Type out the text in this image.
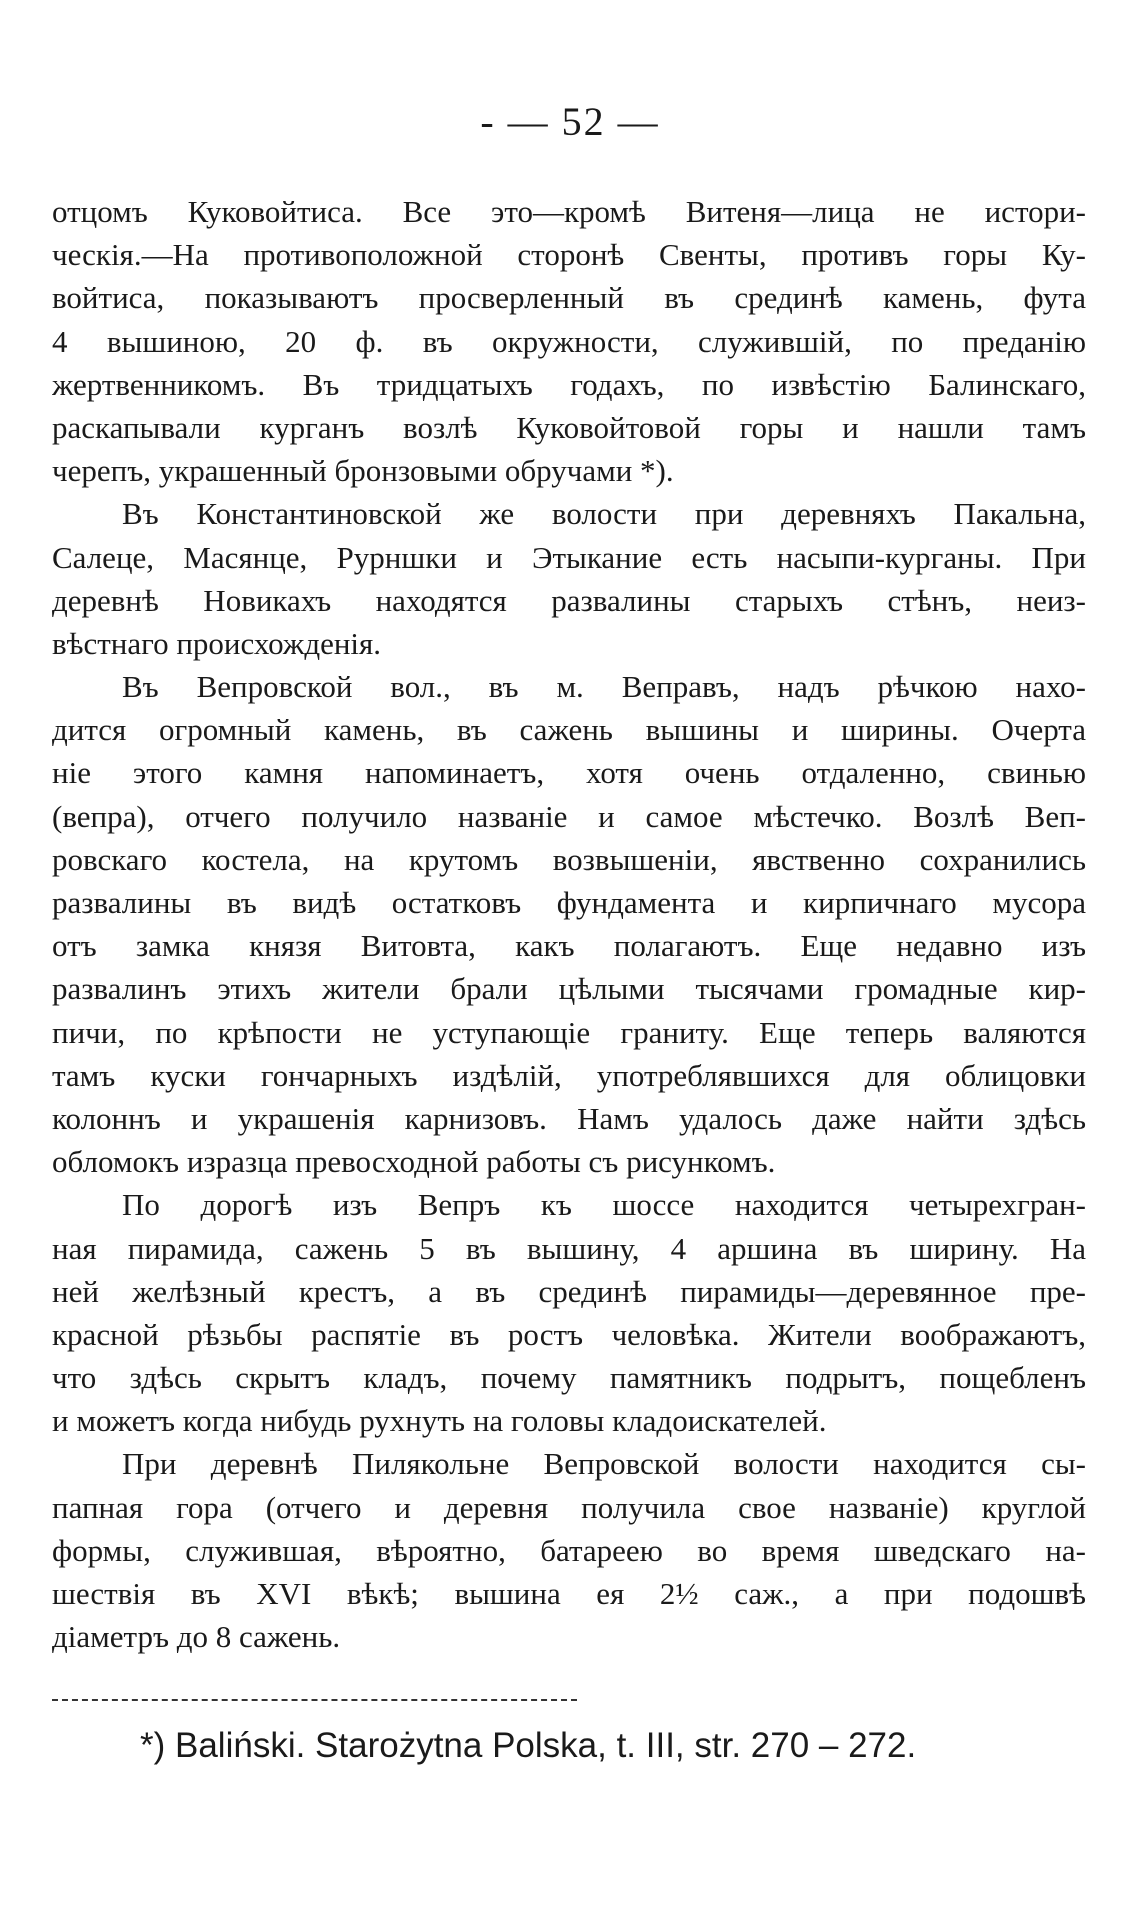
- — 52 —
отцомъ Куковойтиса. Все это—кромѣ Витеня—лица не истори-
ческія.—На противоположной сторонѣ Свенты, противъ горы Ку-
войтиса, показываютъ просверленный въ срединѣ камень, фута
4 вышиною, 20 ф. въ окружности, служившій, по преданію
жертвенникомъ. Въ тридцатыхъ годахъ, по извѣстію Балинскаго,
раскапывали курганъ возлѣ Куковойтовой горы и нашли тамъ
черепъ, украшенный бронзовыми обручами *).
Въ Константиновской же волости при деревняхъ Пакальна,
Салеце, Масянце, Рурншки и Этыкание есть насыпи-курганы. При
деревнѣ Новикахъ находятся развалины старыхъ стѣнъ, неиз-
вѣстнаго происхожденія.
Въ Вепровской вол., въ м. Веправъ, надъ рѣчкою нахо-
дится огромный камень, въ сажень вышины и ширины. Очерта
ніе этого камня напоминаетъ, хотя очень отдаленно, свинью
(вепра), отчего получило названіе и самое мѣстечко. Возлѣ Веп-
ровскаго костела, на крутомъ возвышеніи, явственно сохранились
развалины въ видѣ остатковъ фундамента и кирпичнаго мусора
отъ замка князя Витовта, какъ полагаютъ. Еще недавно изъ
развалинъ этихъ жители брали цѣлыми тысячами громадные кир-
пичи, по крѣпости не уступающіе граниту. Еще теперь валяются
тамъ куски гончарныхъ издѣлій, употреблявшихся для облицовки
колоннъ и украшенія карнизовъ. Намъ удалось даже найти здѣсь
обломокъ изразца превосходной работы съ рисункомъ.
По дорогѣ изъ Вепръ къ шоссе находится четырехгран-
ная пирамида, сажень 5 въ вышину, 4 аршина въ ширину. На
ней желѣзный крестъ, а въ срединѣ пирамиды—деревянное пре-
красной рѣзьбы распятіе въ ростъ человѣка. Жители воображаютъ,
что здѣсь скрытъ кладъ, почему памятникъ подрытъ, пощебленъ
и можетъ когда нибудь рухнуть на головы кладоискателей.
При деревнѣ Пилякольне Вепровской волости находится сы-
папная гора (отчего и деревня получила свое названіе) круглой
формы, служившая, вѣроятно, батареею во время шведскаго на-
шествія въ XVI вѣкѣ; вышина ея 2½ саж., а при подошвѣ
діаметръ до 8 сажень.
*) Baliński. Starożytna Polska, t. III, str. 270 – 272.
